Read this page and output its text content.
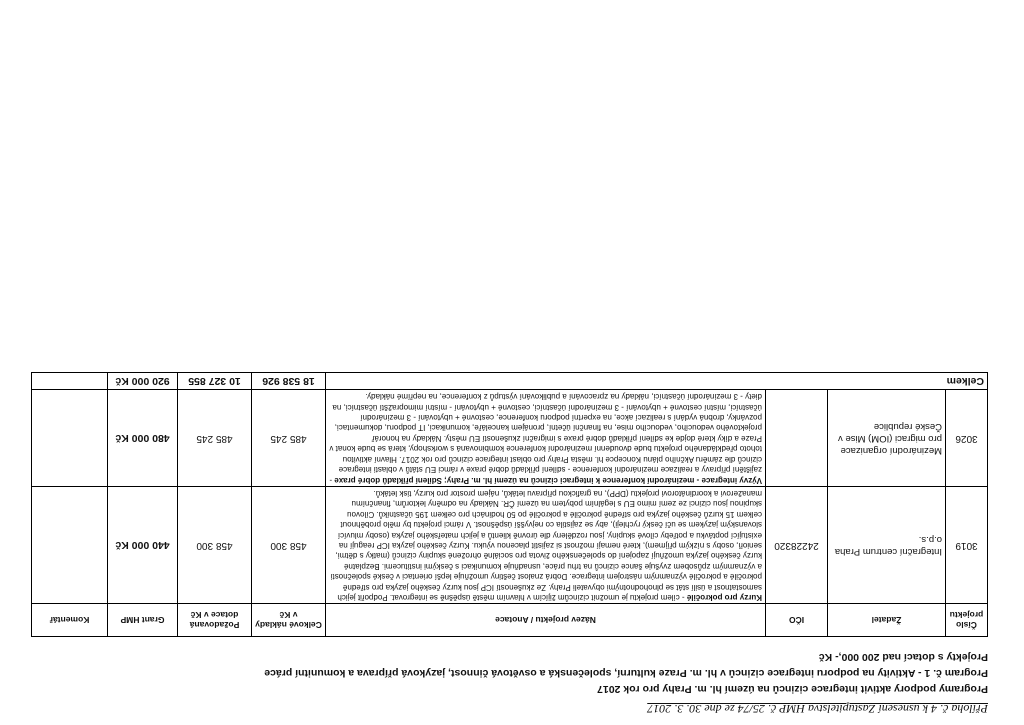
Příloha č. 4 k usnesení Zastupitelstva HMP č. 25/74 ze dne 30. 3. 2017
Programy podpory aktivit integrace cizinců na území hl. m. Prahy pro rok 2017
Program č. 1 - Aktivity na podporu integrace cizinců v hl. m. Praze kulturní, společenská a osvětová činnost, jazyková příprava a komunitní práce
Projekty s dotací nad 200 000,- Kč
Číslo projektu	Žadatel	IČO	Název projektu / Anotace	Celkové náklady v Kč	Požadovaná dotace v Kč	Grant HMP	Komentář
3019	Integrační centrum Praha o.p.s.	24228320	Kurzy pro pokročilé - cílem projektu je umožnit cizincům žijícím v hlavním městě úspěšně se integrovat. Podpořit jejich samostatnost a úsilí stát se plnohodnotnými obyvateli Prahy. Ze zkušeností ICP jsou kurzy českého jazyka pro středně pokročilé a pokročilé významným nástrojem integrace. Dobrá znalost češtiny umožňuje lepší orientaci v české společnosti a významným způsobem zvyšuje šance cizinců na trhu práce, usnadňuje komunikaci s českými institucemi. Bezplatné kurzy českého jazyka umožňují zapojení do společenského života pro sociálně ohrožené skupiny cizinců (matky s dětmi, senioři, osoby s nízkým příjmem), které nemají možnost si zajistit placenou výuku. Kurzy českého jazyka ICP reagují na existující poptávku a potřeby cílové skupiny, jsou rozděleny dle úrovně klientů a jejich mateřského jazyka (osoby mluvící slovanským jazykem se učí český rychleji), aby se zajistila co nejvyšší úspěšnost. V rámci projektu by mělo proběhnout celkem 15 kurzů českého jazyka pro středně pokročilé a pokročilé po 50 hodinách pro celkem 195 účastníků. Cílovou skupinou jsou cizinci ze zemí mimo EU s legálním pobytem na území ČR. Náklady na odměny lektorům, finančnímu manažerovi a koordinátorovi projektu (DPP), na grafickou přípravu letáků, nájem prostor pro kurzy, tisk letáků.	458 300	458 300	440 000 Kč	
3026	Mezinárodní organizace pro migraci (IOM) Mise v České republice		Výzvy integrace - mezinárodní konference k integraci cizinců na území hl. m. Prahy; Sdílení příkladů dobré praxe - zajištění přípravy a realizace mezinárodní konference - sdílení příkladů dobré praxe v rámci EU států v oblasti integrace cizinců dle záměru Akčního plánu Koncepce hl. města Prahy pro oblast integrace cizinců pro rok 2017. Hlavní aktivitou tohoto předkládaného projektu bude dvoudenní mezinárodní konference kombinovaná s workshopy, která se bude konat v Praze a díky které dojde ke sdílení příkladů dobré praxe s imigrační zkušeností EU městy. Náklady na honorář projektového vedoucího, vedoucího mise, na finanční účetní, pronájem kanceláře, komunikaci, IT podporu, dokumentaci, pozvánky, drobná vydání s realizací akce, na expertní podporu konference, cestovné + ubytování - 3 mezinárodní účastníci, místní cestovné + ubytování - 3 mezinárodní účastníci, cestovné + ubytování - místní mimopražští účastníci, na diety - 3 mezinárodní účastníci, náklady na zpracování a publikování výstupů z konference, na nepřímé náklady.	485 245	485 245	480 000 Kč	
Celkem				18 538 926	10 327 855	920 000 Kč	
